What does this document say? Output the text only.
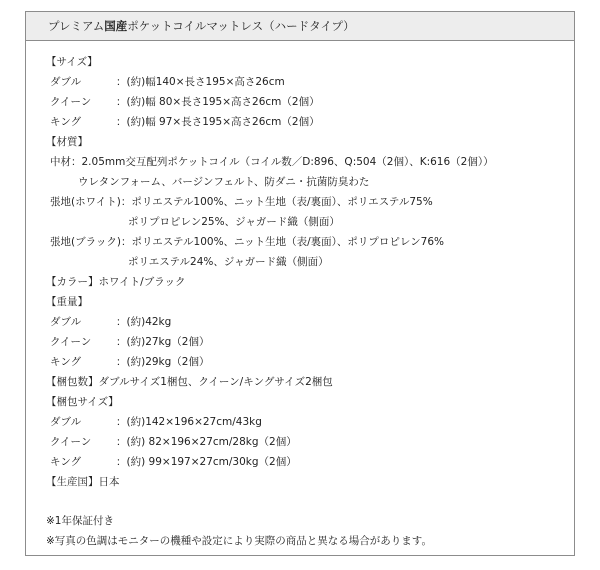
プレミアム国産ポケットコイルマットレス（ハードタイプ）
【サイズ】
ダブル	：(約)幅140×長さ195×高さ26cm
クイーン ：(約)幅 80×長さ195×高さ26cm（2個）
キング	：(約)幅 97×長さ195×高さ26cm（2個）
【材質】
中材：2.05mm交互配列ポケットコイル（コイル数／D:896、Q:504（2個）、K:616（2個））
ウレタンフォーム、バージンフェルト、防ダニ・抗菌防臭わた
張地(ホワイト)：ポリエステル100%、ニット生地（表/裏面）、ポリエステル75%
ポリプロピレン25%、ジャガード織（側面）
張地(ブラック)：ポリエステル100%、ニット生地（表/裏面）、ポリプロピレン76%
ポリエステル24%、ジャガード織（側面）
【カラー】ホワイト/ブラック
【重量】
ダブル	：(約)42kg
クイーン ：(約)27kg（2個）
キング	：(約)29kg（2個）
【梱包数】ダブルサイズ1梱包、クイーン/キングサイズ2梱包
【梱包サイズ】
ダブル	：(約)142×196×27cm/43kg
クイーン ：(約) 82×196×27cm/28kg（2個）
キング	：(約) 99×197×27cm/30kg（2個）
【生産国】日本
※1年保証付き
※写真の色調はモニターの機種や設定により実際の商品と異なる場合があります。
